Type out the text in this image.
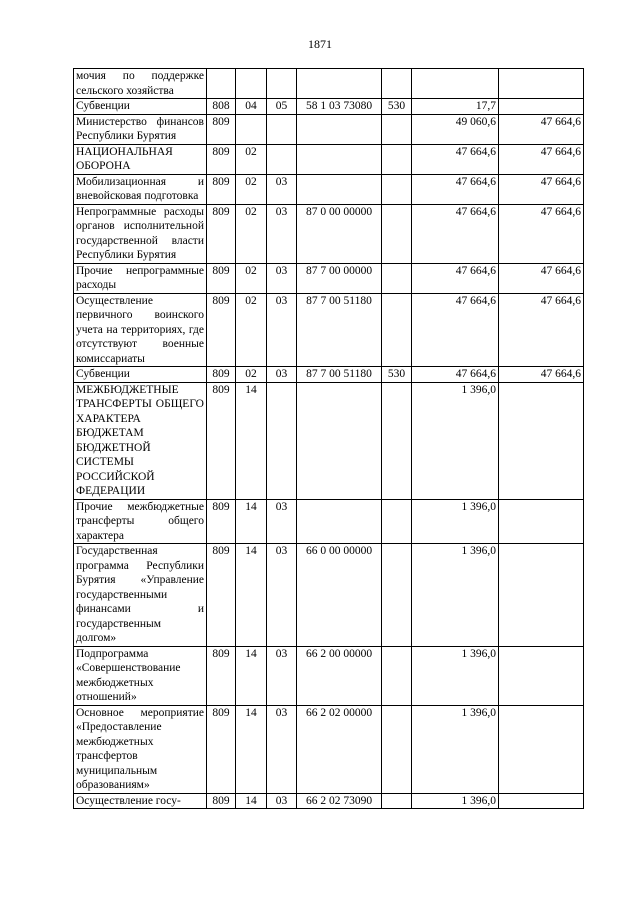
1871
мочия по поддержке сельского хозяйства							
Субвенции	808	04	05	58 1 03 73080	530	17,7	
Министерство финансов Республики Бурятия	809					49 060,6	47 664,6
НАЦИОНАЛЬНАЯ ОБОРОНА	809	02				47 664,6	47 664,6
Мобилизационная и вневойсковая подготовка	809	02	03			47 664,6	47 664,6
Непрограммные расходы органов исполнительной государственной власти Республики Бурятия	809	02	03	87 0 00 00000		47 664,6	47 664,6
Прочие непрограммные расходы	809	02	03	87 7 00 00000		47 664,6	47 664,6
Осуществление первичного воинского учета на территориях, где отсутствуют военные комиссариаты	809	02	03	87 7 00 51180		47 664,6	47 664,6
Субвенции	809	02	03	87 7 00 51180	530	47 664,6	47 664,6
МЕЖБЮДЖЕТНЫЕ ТРАНСФЕРТЫ ОБЩЕГО ХАРАКТЕРА БЮДЖЕТАМ БЮДЖЕТНОЙ СИСТЕМЫ РОССИЙСКОЙ ФЕДЕРАЦИИ	809	14				1 396,0	
Прочие межбюджетные трансферты общего характера	809	14	03			1 396,0	
Государственная программа Республики Бурятия «Управление государственными финансами и государственным долгом»	809	14	03	66 0 00 00000		1 396,0	
Подпрограмма «Совершенствование межбюджетных отношений»	809	14	03	66 2 00 00000		1 396,0	
Основное мероприятие «Предоставление межбюджетных трансфертов муниципальным образованиям»	809	14	03	66 2 02 00000		1 396,0	
Осуществление госу-	809	14	03	66 2 02 73090		1 396,0	
